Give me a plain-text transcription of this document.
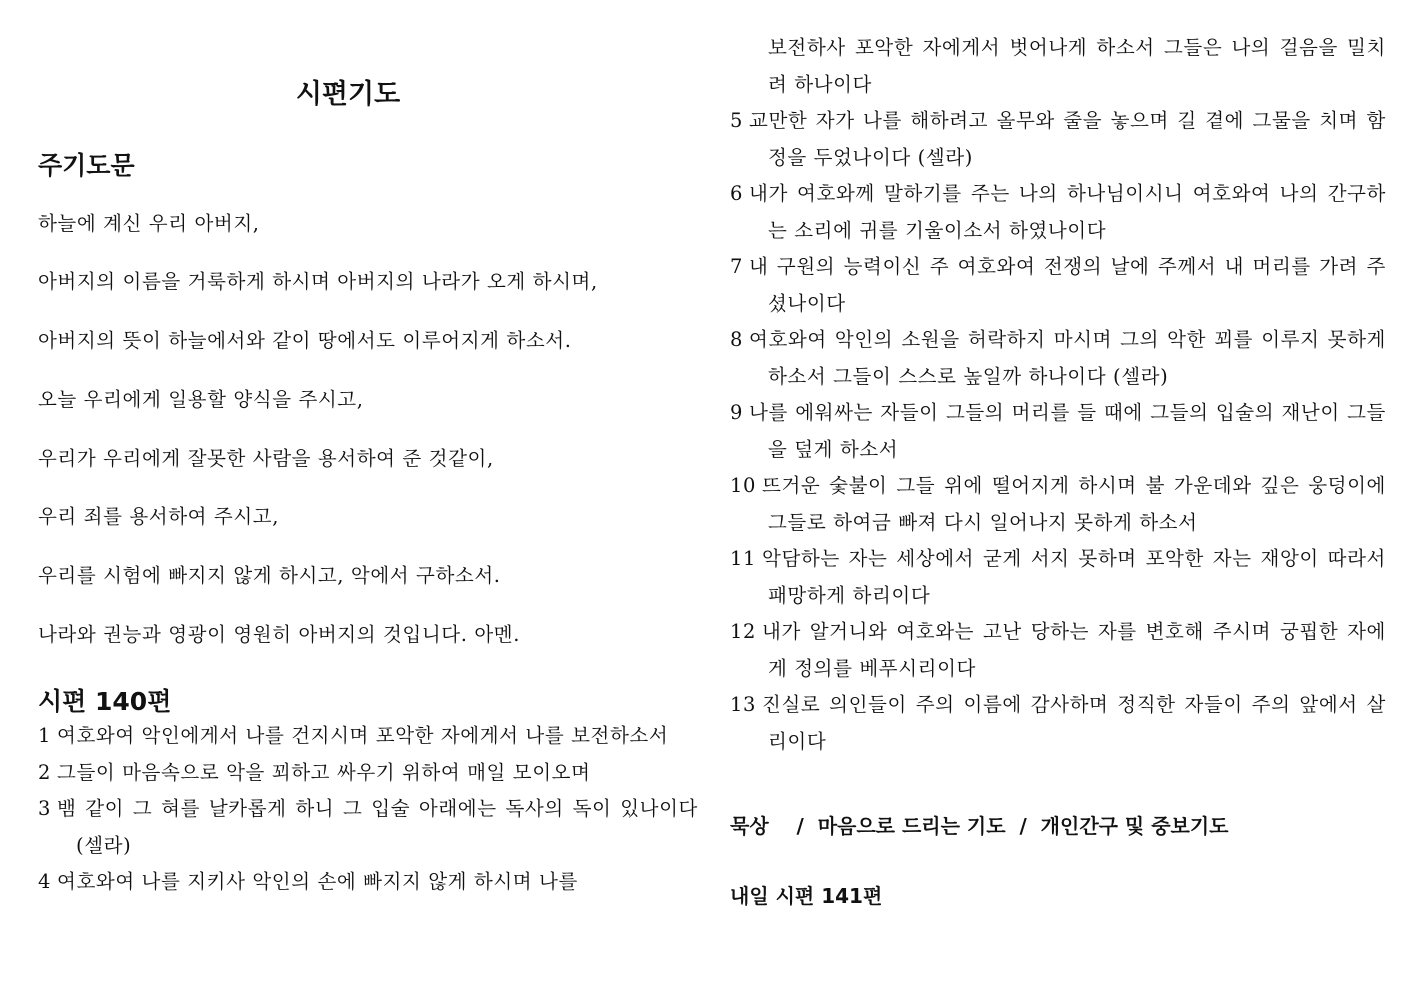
시편기도
주기도문
하늘에 계신 우리 아버지,
아버지의 이름을 거룩하게 하시며 아버지의 나라가 오게 하시며,
아버지의 뜻이 하늘에서와 같이 땅에서도 이루어지게 하소서.
오늘 우리에게 일용할 양식을 주시고,
우리가 우리에게 잘못한 사람을 용서하여 준 것같이,
우리 죄를 용서하여 주시고,
우리를 시험에 빠지지 않게 하시고, 악에서 구하소서.
나라와 권능과 영광이 영원히 아버지의 것입니다. 아멘.
시편 140편

1 여호와여 악인에게서 나를 건지시며 포악한 자에게서 나를 보전하소서

2 그들이 마음속으로 악을 꾀하고 싸우기 위하여 매일 모이오며

3 뱀 같이 그 혀를 날카롭게 하니 그 입술 아래에는 독사의 독이 있나이다 (셀라)

4 여호와여 나를 지키사 악인의 손에 빠지지 않게 하시며 나를

보전하사 포악한 자에게서 벗어나게 하소서 그들은 나의 걸음을 밀치려 하나이다

5 교만한 자가 나를 해하려고 올무와 줄을 놓으며 길 곁에 그물을 치며 함정을 두었나이다 (셀라)

6 내가 여호와께 말하기를 주는 나의 하나님이시니 여호와여 나의 간구하는 소리에 귀를 기울이소서 하였나이다

7 내 구원의 능력이신 주 여호와여 전쟁의 날에 주께서 내 머리를 가려 주셨나이다

8 여호와여 악인의 소원을 허락하지 마시며 그의 악한 꾀를 이루지 못하게 하소서 그들이 스스로 높일까 하나이다 (셀라)

9 나를 에워싸는 자들이 그들의 머리를 들 때에 그들의 입술의 재난이 그들을 덮게 하소서

10 뜨거운 숯불이 그들 위에 떨어지게 하시며 불 가운데와 깊은 웅덩이에 그들로 하여금 빠져 다시 일어나지 못하게 하소서

11 악담하는 자는 세상에서 굳게 서지 못하며 포악한 자는 재앙이 따라서 패망하게 하리이다

12 내가 알거니와 여호와는 고난 당하는 자를 변호해 주시며 궁핍한 자에게 정의를 베푸시리이다

13 진실로 의인들이 주의 이름에 감사하며 정직한 자들이 주의 앞에서 살리이다

묵상    /  마음으로 드리는 기도  /  개인간구 및 중보기도
내일 시편 141편
